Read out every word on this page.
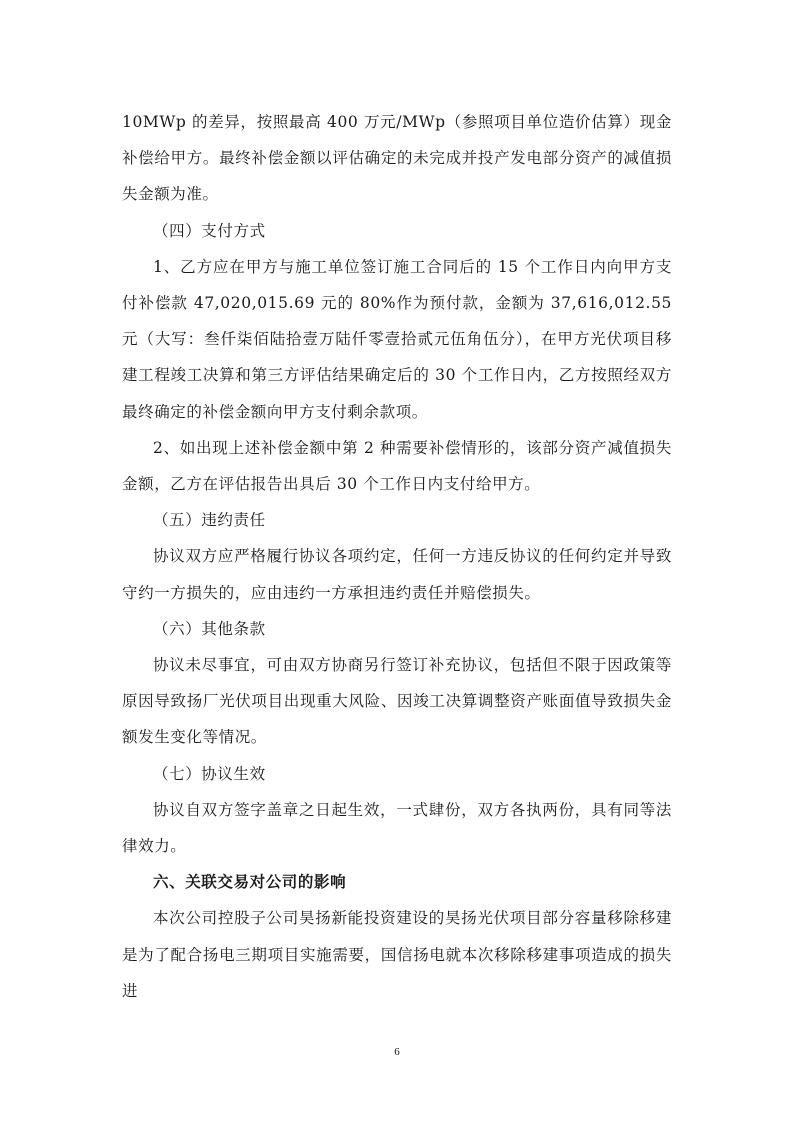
10MWp 的差异，按照最高 400 万元/MWp（参照项目单位造价估算）现金补偿给甲方。最终补偿金额以评估确定的未完成并投产发电部分资产的减值损失金额为准。

（四）支付方式

1、乙方应在甲方与施工单位签订施工合同后的 15 个工作日内向甲方支付补偿款 47,020,015.69 元的 80%作为预付款，金额为 37,616,012.55 元（大写：叁仟柒佰陆拾壹万陆仟零壹拾贰元伍角伍分），在甲方光伏项目移建工程竣工决算和第三方评估结果确定后的 30 个工作日内，乙方按照经双方最终确定的补偿金额向甲方支付剩余款项。

2、如出现上述补偿金额中第 2 种需要补偿情形的，该部分资产减值损失金额，乙方在评估报告出具后 30 个工作日内支付给甲方。

（五）违约责任

协议双方应严格履行协议各项约定，任何一方违反协议的任何约定并导致守约一方损失的，应由违约一方承担违约责任并赔偿损失。

（六）其他条款

协议未尽事宜，可由双方协商另行签订补充协议，包括但不限于因政策等原因导致扬厂光伏项目出现重大风险、因竣工决算调整资产账面值导致损失金额发生变化等情况。

（七）协议生效

协议自双方签字盖章之日起生效，一式肆份，双方各执两份，具有同等法律效力。

六、关联交易对公司的影响

本次公司控股子公司昊扬新能投资建设的昊扬光伏项目部分容量移除移建是为了配合扬电三期项目实施需要，国信扬电就本次移除移建事项造成的损失进

6
